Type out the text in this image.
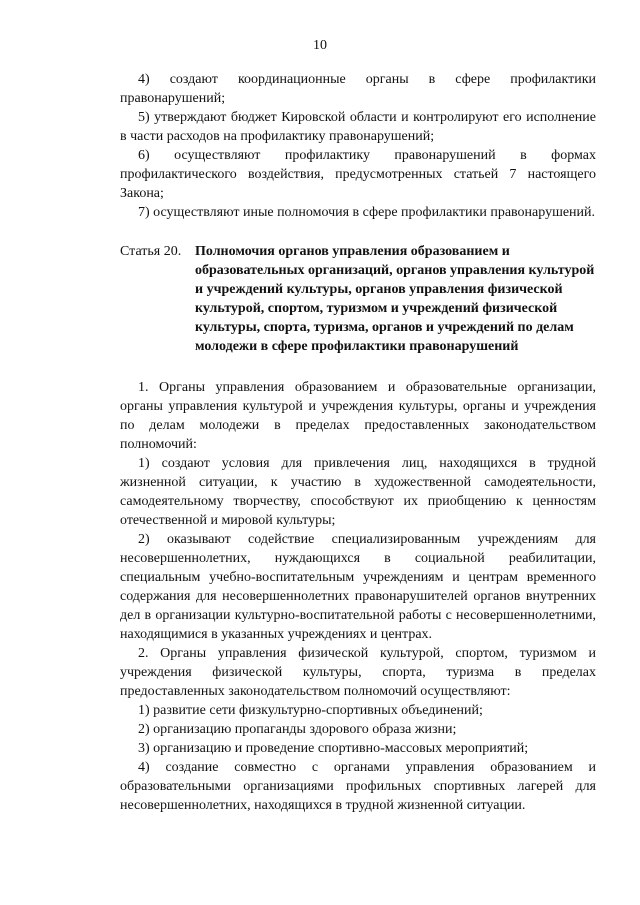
10

4) создают координационные органы в сфере профилактики правонарушений;

5) утверждают бюджет Кировской области и контролируют его исполнение в части расходов на профилактику правонарушений;

6) осуществляют профилактику правонарушений в формах профилактического воздействия, предусмотренных статьей 7 настоящего Закона;

7) осуществляют иные полномочия в сфере профилактики правонарушений.

Статья 20. Полномочия органов управления образованием и образовательных организаций, органов управления культурой и учреждений культуры, органов управления физической культурой, спортом, туризмом и учреждений физической культуры, спорта, туризма, органов и учреждений по делам молодежи в сфере профилактики правонарушений

1. Органы управления образованием и образовательные организации, органы управления культурой и учреждения культуры, органы и учреждения по делам молодежи в пределах предоставленных законодательством полномочий:

1) создают условия для привлечения лиц, находящихся в трудной жизненной ситуации, к участию в художественной самодеятельности, самодеятельному творчеству, способствуют их приобщению к ценностям отечественной и мировой культуры;

2) оказывают содействие специализированным учреждениям для несовершеннолетних, нуждающихся в социальной реабилитации, специальным учебно-воспитательным учреждениям и центрам временного содержания для несовершеннолетних правонарушителей органов внутренних дел в организации культурно-воспитательной работы с несовершеннолетними, находящимися в указанных учреждениях и центрах.

2. Органы управления физической культурой, спортом, туризмом и учреждения физической культуры, спорта, туризма в пределах предоставленных законодательством полномочий осуществляют:

1) развитие сети физкультурно-спортивных объединений;

2) организацию пропаганды здорового образа жизни;

3) организацию и проведение спортивно-массовых мероприятий;

4) создание совместно с органами управления образованием и образовательными организациями профильных спортивных лагерей для несовершеннолетних, находящихся в трудной жизненной ситуации.
